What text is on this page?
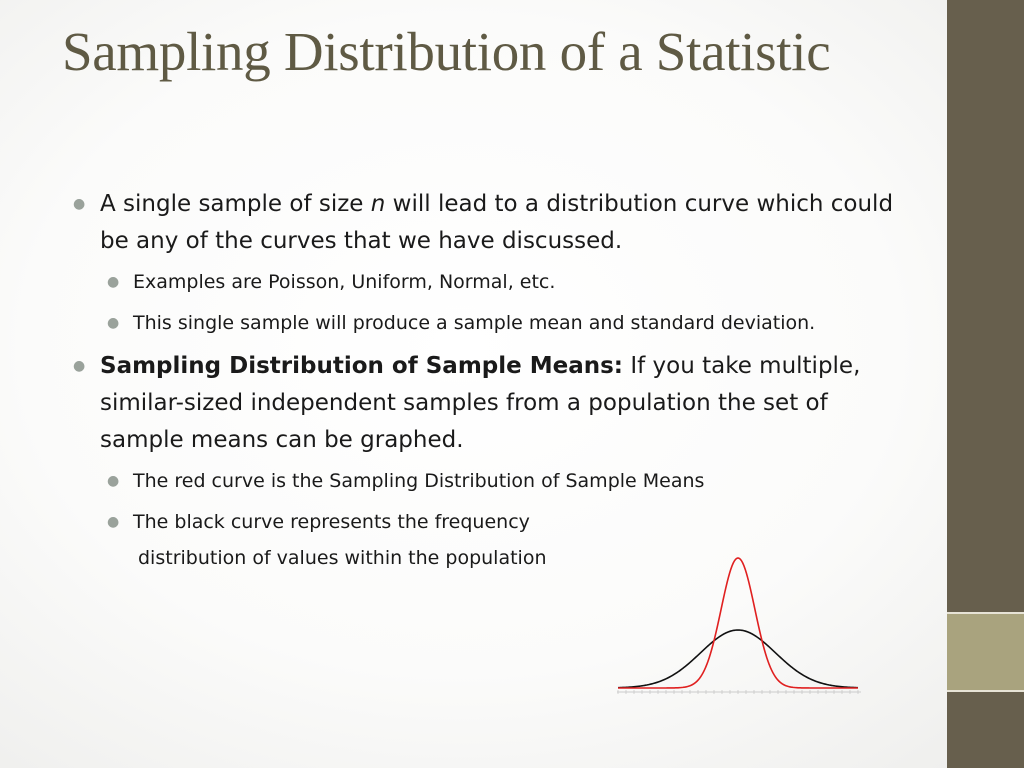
Sampling Distribution of a Statistic
● A single sample of size n will lead to a distribution curve which could be any of the curves that we have discussed.
● Examples are Poisson, Uniform, Normal, etc.
● This single sample will produce a sample mean and standard deviation.
● Sampling Distribution of Sample Means: If you take multiple, similar-sized independent samples from a population the set of sample means can be graphed.
● The red curve is the Sampling Distribution of Sample Means
● The black curve represents the frequency
distribution of values within the population
